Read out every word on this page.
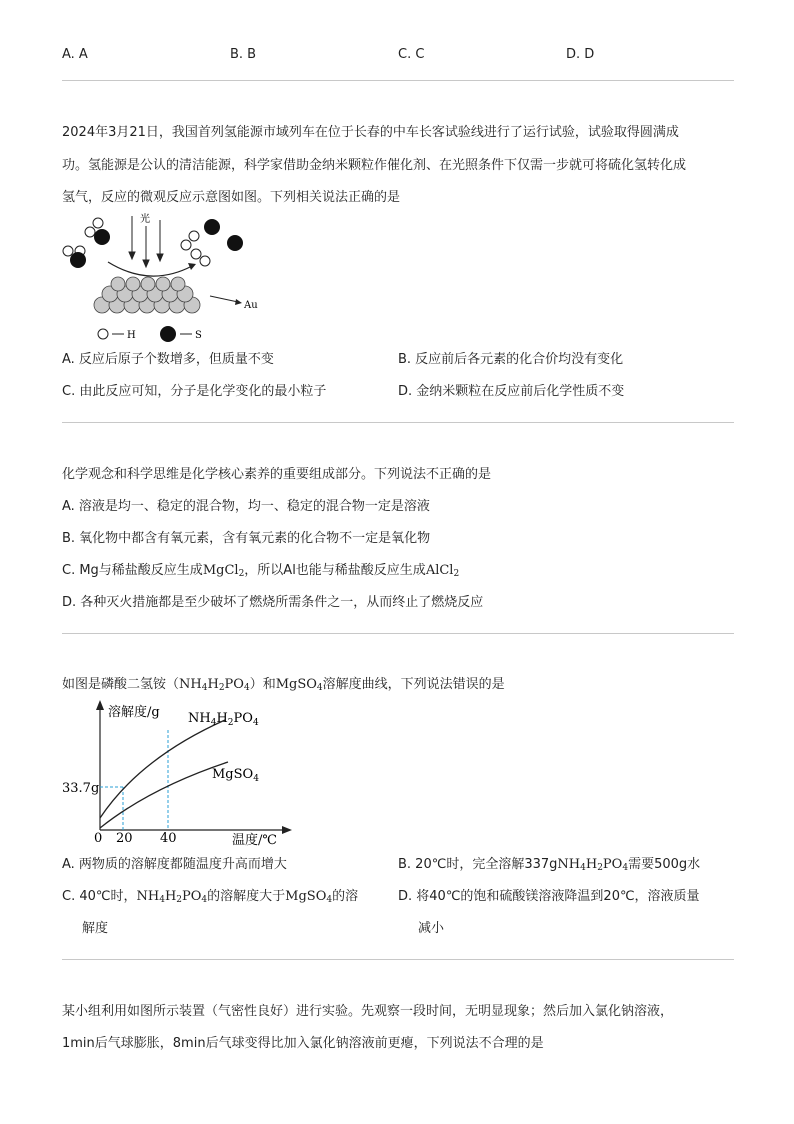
A. A	B. B	C. C	D. D
2024年3月21日，我国首列氢能源市域列车在位于长春的中车长客试验线进行了运行试验，试验取得圆满成
功。氢能源是公认的清洁能源，科学家借助金纳米颗粒作催化剂、在光照条件下仅需一步就可将硫化氢转化成
氢气，反应的微观反应示意图如图。下列相关说法正确的是
光
Au
H	S
A. 反应后原子个数增多，但质量不变	B. 反应前后各元素的化合价均没有变化
C. 由此反应可知，分子是化学变化的最小粒子	D. 金纳米颗粒在反应前后化学性质不变
化学观念和科学思维是化学核心素养的重要组成部分。下列说法不正确的是
A. 溶液是均一、稳定的混合物，均一、稳定的混合物一定是溶液
B. 氧化物中都含有氧元素，含有氧元素的化合物不一定是氧化物
C. Mg与稀盐酸反应生成MgCl$_2$，所以Al也能与稀盐酸反应生成AlCl$_2$
D. 各种灭火措施都是至少破坏了燃烧所需条件之一，从而终止了燃烧反应
如图是磷酸二氢铵$(NH_4H_2PO_4)$和MgSO$_4$溶解度曲线，下列说法错误的是
溶解度/g
温度/℃
0 20 40
33.7g
$NH_4H_2PO_4$
MgSO$_4$
A. 两物质的溶解度都随温度升高而增大	B. 20℃时，完全溶解$337gNH_4H_2PO_4$需要500g水
C. 40℃时，$NH_4H_2PO_4$的溶解度大于MgSO$_4$的溶
解度
D. 将40℃的饱和硫酸镁溶液降温到20℃，溶液质量
减小
某小组利用如图所示装置（气密性良好）进行实验。先观察一段时间，无明显现象；然后加入氯化钠溶液，
1min后气球膨胀，8min后气球变得比加入氯化钠溶液前更瘪，下列说法不合理的是
